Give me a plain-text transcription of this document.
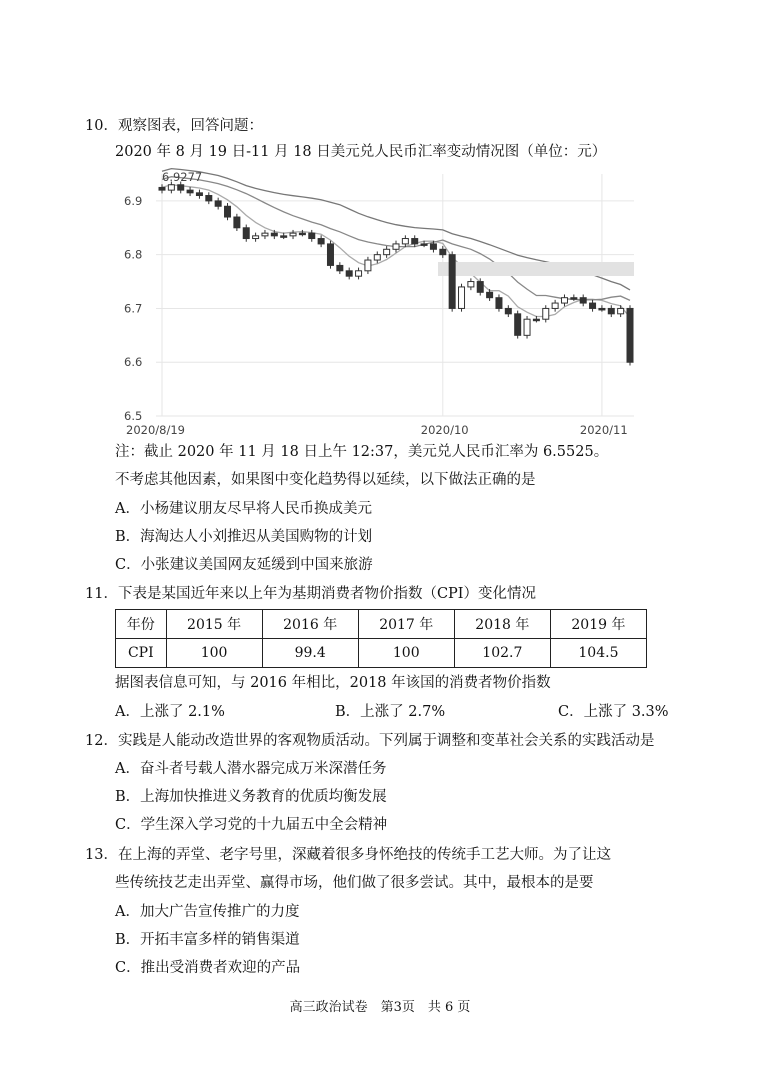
10．观察图表，回答问题：
2020 年 8 月 19 日-11 月 18 日美元兑人民币汇率变动情况图（单位：元）
6.9
6.8
6.7
6.6
6.5
2020/8/19	2020/10	2020/11
6.9277
注：截止 2020 年 11 月 18 日上午 12:37，美元兑人民币汇率为 6.5525。
不考虑其他因素，如果图中变化趋势得以延续，以下做法正确的是
A．小杨建议朋友尽早将人民币换成美元
B．海淘达人小刘推迟从美国购物的计划
C．小张建议美国网友延缓到中国来旅游
11．下表是某国近年来以上年为基期消费者物价指数（CPI）变化情况
年份	2015 年	2016 年	2017 年	2018 年	2019 年
CPI	100	99.4	100	102.7	104.5
据图表信息可知，与 2016 年相比，2018 年该国的消费者物价指数
A．上涨了 2.1%	B．上涨了 2.7%	C．上涨了 3.3%
12．实践是人能动改造世界的客观物质活动。下列属于调整和变革社会关系的实践活动是
A．奋斗者号载人潜水器完成万米深潜任务
B．上海加快推进义务教育的优质均衡发展
C．学生深入学习党的十九届五中全会精神
13．在上海的弄堂、老字号里，深藏着很多身怀绝技的传统手工艺大师。为了让这
些传统技艺走出弄堂、赢得市场，他们做了很多尝试。其中，最根本的是要
A．加大广告宣传推广的力度
B．开拓丰富多样的销售渠道
C．推出受消费者欢迎的产品
高三政治试卷　第3页　共 6 页
